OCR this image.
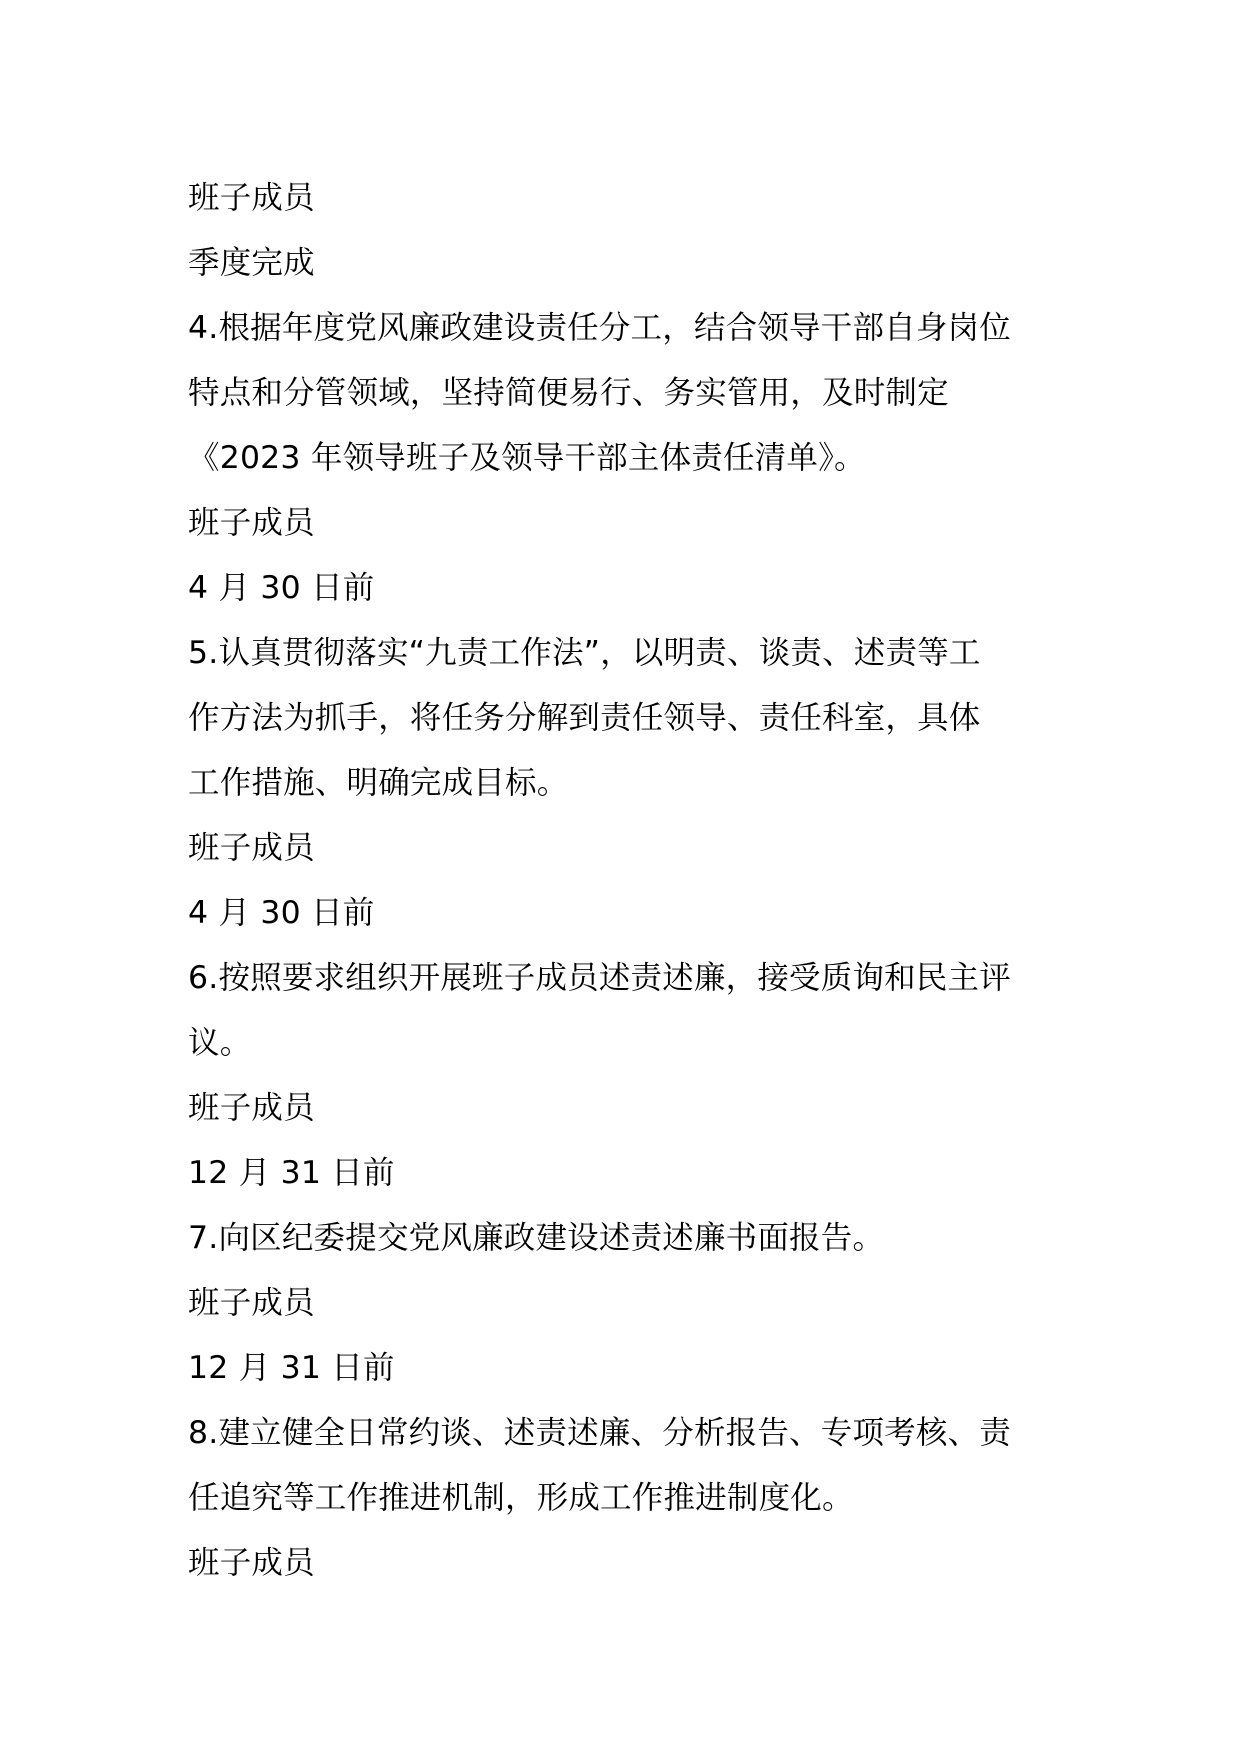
班子成员
季度完成
4.根据年度党风廉政建设责任分工，结合领导干部自身岗位
特点和分管领域，坚持简便易行、务实管用，及时制定
《2023 年领导班子及领导干部主体责任清单》。
班子成员
4 月 30 日前
5.认真贯彻落实“九责工作法”，以明责、谈责、述责等工
作方法为抓手，将任务分解到责任领导、责任科室，具体
工作措施、明确完成目标。
班子成员
4 月 30 日前
6.按照要求组织开展班子成员述责述廉，接受质询和民主评
议。
班子成员
12 月 31 日前
7.向区纪委提交党风廉政建设述责述廉书面报告。
班子成员
12 月 31 日前
8.建立健全日常约谈、述责述廉、分析报告、专项考核、责
任追究等工作推进机制，形成工作推进制度化。
班子成员
